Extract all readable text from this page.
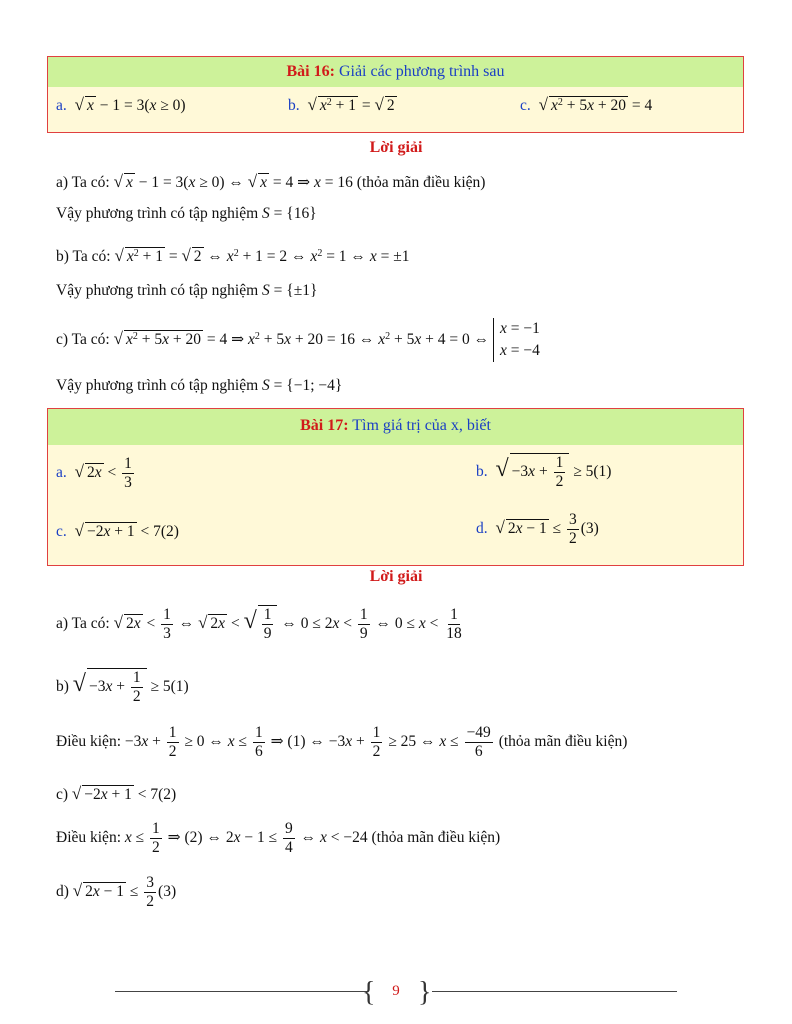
Bài 16: Giải các phương trình sau
a. √ x − 1 = 3(x ≥ 0)	b. √ $x^2 + 1$ = √ 2	c. √ $x^2 + 5x + 20 = 4$
Lời giải
a) Ta có: √ x − 1 = 3(x ≥ 0) ⇔ √ x = 4 ⇒ x = 16 (thỏa mãn điều kiện)
Vậy phương trình có tập nghiệm S = {16}
b) Ta có: √ $x^2 + 1$ = √ 2 ⇔ $x^2 + 1 = 2$ ⇔ $x^2 = 1$ ⇔ x = ±1
Vậy phương trình có tập nghiệm S = {±1}
c) Ta có: √ $x^2 + 5x + 20 = 4$ ⇒ $x^2 + 5x + 20 = 16$ ⇔ $x^2 + 5x + 4 = 0$ ⇔ x = −1
x = −4
Vậy phương trình có tập nghiệm S = {−1; −4}
Bài 17: Tìm giá trị của x, biết
a. √ $2x < \frac{1}{3}$	b. √ $-3x + \frac{1}{2} \ge 5(1)$
c. √ −2x + 1 < 7(2)	d. √ $2x - 1 \le \frac{3}{2} (3)$
Lời giải
a) Ta có: √ $2x < \frac{1}{3}$ ⇔ √ 2x < √ $\frac{1}{9}$ ⇔ $0 \le 2x < \frac{1}{9}$ ⇔ $0 \le x < \frac{1}{18}$
b) √ $-3x + \frac{1}{2} \ge 5(1)$
Điều kiện: $-3x + \frac{1}{2} \ge 0$ ⇔ $x \le \frac{1}{6}$ ⇒ (1) ⇔ $-3x + \frac{1}{2} \ge 25$ ⇔ $x \le \frac{-49}{6}$ (thỏa mãn điều kiện)
c) √ −2x + 1 < 7(2)
Điều kiện: $x \le \frac{1}{2}$ ⇒ (2) ⇔ $2x - 1 \le \frac{9}{4}$ ⇔ x < −24 (thỏa mãn điều kiện)
d) √ $2x - 1 \le \frac{3}{2} (3)$
{ 9 }
